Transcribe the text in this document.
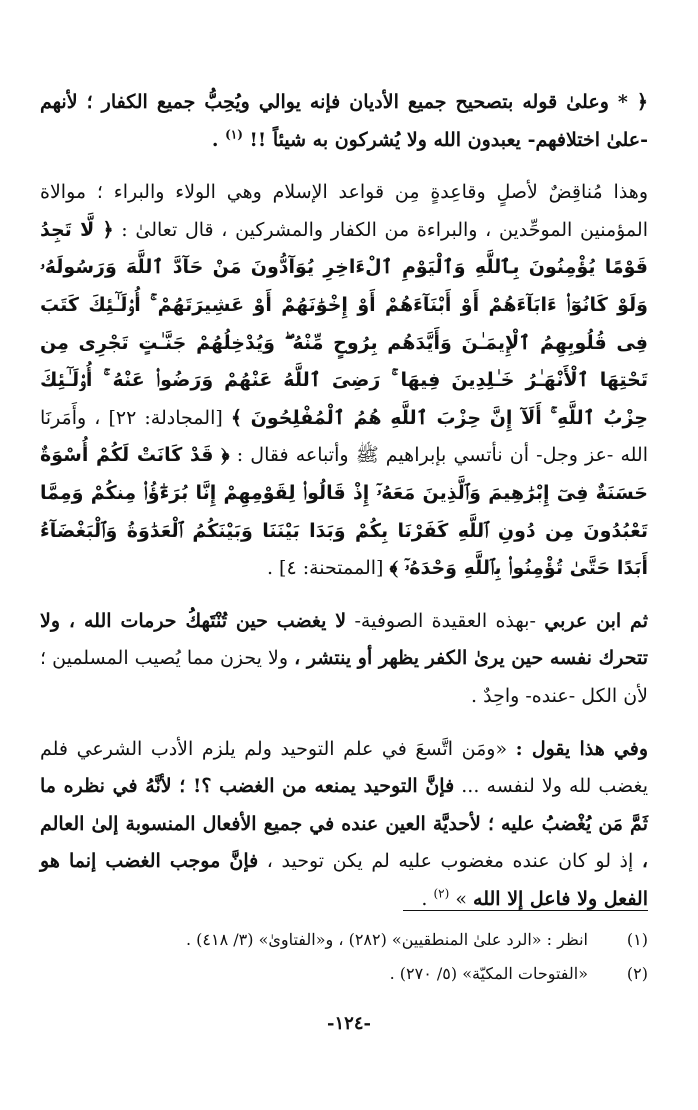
﴿ * وعلىٰ قوله بتصحيح جميع الأديان فإنه يوالي ويُحِبُّ جميع الكفار ؛ لأنهم -علىٰ اختلافهم- يعبدون الله ولا يُشركون به شيئاً !! $^{(١)}$ .

وهذا مُناقِضٌ لأصلٍ وقاعِدةٍ مِن قواعد الإسلام وهي الولاء والبراء ؛ موالاة المؤمنين الموحِّدين ، والبراءة من الكفار والمشركين ، قال تعالىٰ : ﴿ لَّا تَجِدُ قَوْمًا يُؤْمِنُونَ بِٱللَّهِ وَٱلْيَوْمِ ٱلْءَاخِرِ يُوَآدُّونَ مَنْ حَآدَّ ٱللَّهَ وَرَسُولَهُۥ وَلَوْ كَانُوٓا۟ ءَابَآءَهُمْ أَوْ أَبْنَآءَهُمْ أَوْ إِخْوَٰنَهُمْ أَوْ عَشِيرَتَهُمْ ۚ أُو۟لَـٰٓئِكَ كَتَبَ فِى قُلُوبِهِمُ ٱلْإِيمَـٰنَ وَأَيَّدَهُم بِرُوحٍ مِّنْهُ ۖ وَيُدْخِلُهُمْ جَنَّـٰتٍ تَجْرِى مِن تَحْتِهَا ٱلْأَنْهَـٰرُ خَـٰلِدِينَ فِيهَا ۚ رَضِىَ ٱللَّهُ عَنْهُمْ وَرَضُوا۟ عَنْهُ ۚ أُو۟لَـٰٓئِكَ حِزْبُ ٱللَّهِ ۚ أَلَآ إِنَّ حِزْبَ ٱللَّهِ هُمُ ٱلْمُفْلِحُونَ ﴾ [المجادلة: ٢٢] ، وأَمَرنَا الله -عز وجل- أن نأتسي بإبراهيم ﷺ وأتباعه فقال : ﴿ قَدْ كَانَتْ لَكُمْ أُسْوَةٌ حَسَنَةٌ فِىٓ إِبْرَٰهِيمَ وَٱلَّذِينَ مَعَهُۥٓ إِذْ قَالُوا۟ لِقَوْمِهِمْ إِنَّا بُرَءَٰٓؤُا۟ مِنكُمْ وَمِمَّا تَعْبُدُونَ مِن دُونِ ٱللَّهِ كَفَرْنَا بِكُمْ وَبَدَا بَيْنَنَا وَبَيْنَكُمُ ٱلْعَدَٰوَةُ وَٱلْبَغْضَآءُ أَبَدًا حَتَّىٰ تُؤْمِنُوا۟ بِٱللَّهِ وَحْدَهُۥٓ ﴾ [الممتحنة: ٤] .

ثم ابن عربي -بهذه العقيدة الصوفية- لا يغضب حين تُنْتَهكُ حرمات الله ، ولا تتحرك نفسه حين يرىٰ الكفر يظهر أو ينتشر ، ولا يحزن مما يُصيب المسلمين ؛ لأن الكل -عنده- واحِدٌ .

وفي هذا يقول : «ومَن اتَّسعَ في علم التوحيد ولم يلزم الأدب الشرعي فلم يغضب لله ولا لنفسه ... فإنَّ التوحيد يمنعه من الغضب ؟! ؛ لأنَّهُ في نظره ما ثَمَّ مَن يُغْضبُ عليه ؛ لأحديَّة العين عنده في جميع الأفعال المنسوبة إلىٰ العالم ، إذ لو كان عنده مغضوب عليه لم يكن توحيد ، فإنَّ موجب الغضب إنما هو الفعل ولا فاعل إلا الله » $^{(٢)}$ .

(١)
انظر : «الرد علىٰ المنطقيين» (٢٨٢) ، و«الفتاوىٰ» (٣/ ٤١٨) .
(٢)
«الفتوحات المكيّة» (٥/ ٢٧٠) .
-١٢٤-
